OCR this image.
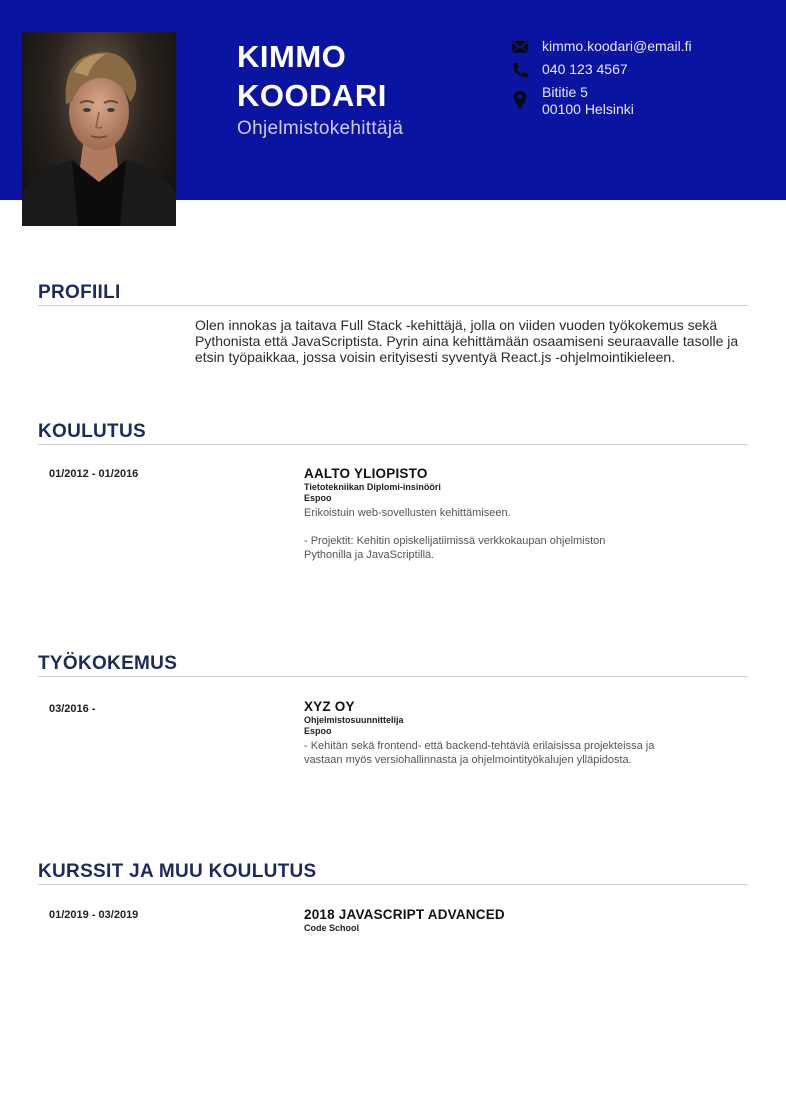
KIMMO
KOODARI
Ohjelmistokehittäjä
kimmo.koodari@email.fi
040 123 4567
Bititie 5
00100 Helsinki
PROFIILI
Olen innokas ja taitava Full Stack -kehittäjä, jolla on viiden vuoden työkokemus sekä Pythonista että JavaScriptista. Pyrin aina kehittämään osaamiseni seuraavalle tasolle ja etsin työpaikkaa, jossa voisin erityisesti syventyä React.js -ohjelmointikieleen.
KOULUTUS
01/2012 - 01/2016	AALTO YLIOPISTO
Tietotekniikan Diplomi-insinööri
Espoo
Erikoistuin web-sovellusten kehittämiseen.

- Projektit: Kehitin opiskelijatiimissä verkkokaupan ohjelmiston
Pythonilla ja JavaScriptillä.
TYÖKOKEMUS
03/2016 -	XYZ OY
Ohjelmistosuunnittelija
Espoo
- Kehitän sekä frontend- että backend-tehtäviä erilaisissa projekteissa ja
vastaan myös versiohallinnasta ja ohjelmointityökalujen ylläpidosta.
KURSSIT JA MUU KOULUTUS
01/2019 - 03/2019	2018 JAVASCRIPT ADVANCED
Code School
